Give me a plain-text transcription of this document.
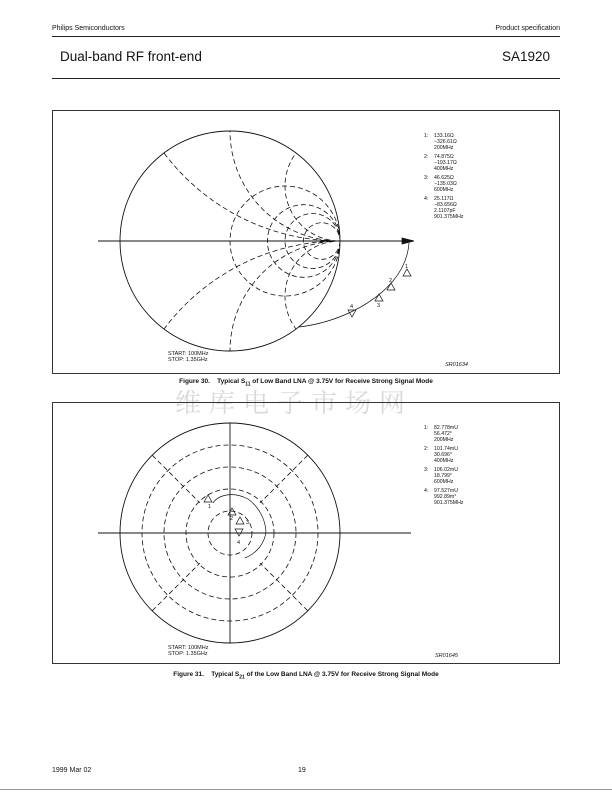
Philips Semiconductors	Product specification
Dual-band RF front-end	SA1920
1
2
3
4
1: 133.16Ω
−326.61Ω
200MHz
2: 74.875Ω
−193.17Ω
400MHz
3: 46.625Ω
−135.03Ω
600MHz
4: 25.117Ω
−83.656Ω
2.1107pF
901.375MHz
START: 100MHz
STOP: 1.35GHz
SR01634
Figure 30. Typical $S_{11}$ of Low Band LNA @ 3.75V for Receive Strong Signal Mode
维库电子市场网
1
2
3
4
1: 82.778mU
56.472°
200MHz
2: 101.74mU
30.696°
400MHz
3: 106.02mU
18.799°
600MHz
4: 97.527mU
992.89m°
901.375MHz
START: 100MHz
STOP: 1.35GHz	SR01645
Figure 31. Typical $S_{21}$ of the Low Band LNA @ 3.75V for Receive Strong Signal Mode
1999 Mar 02	19
